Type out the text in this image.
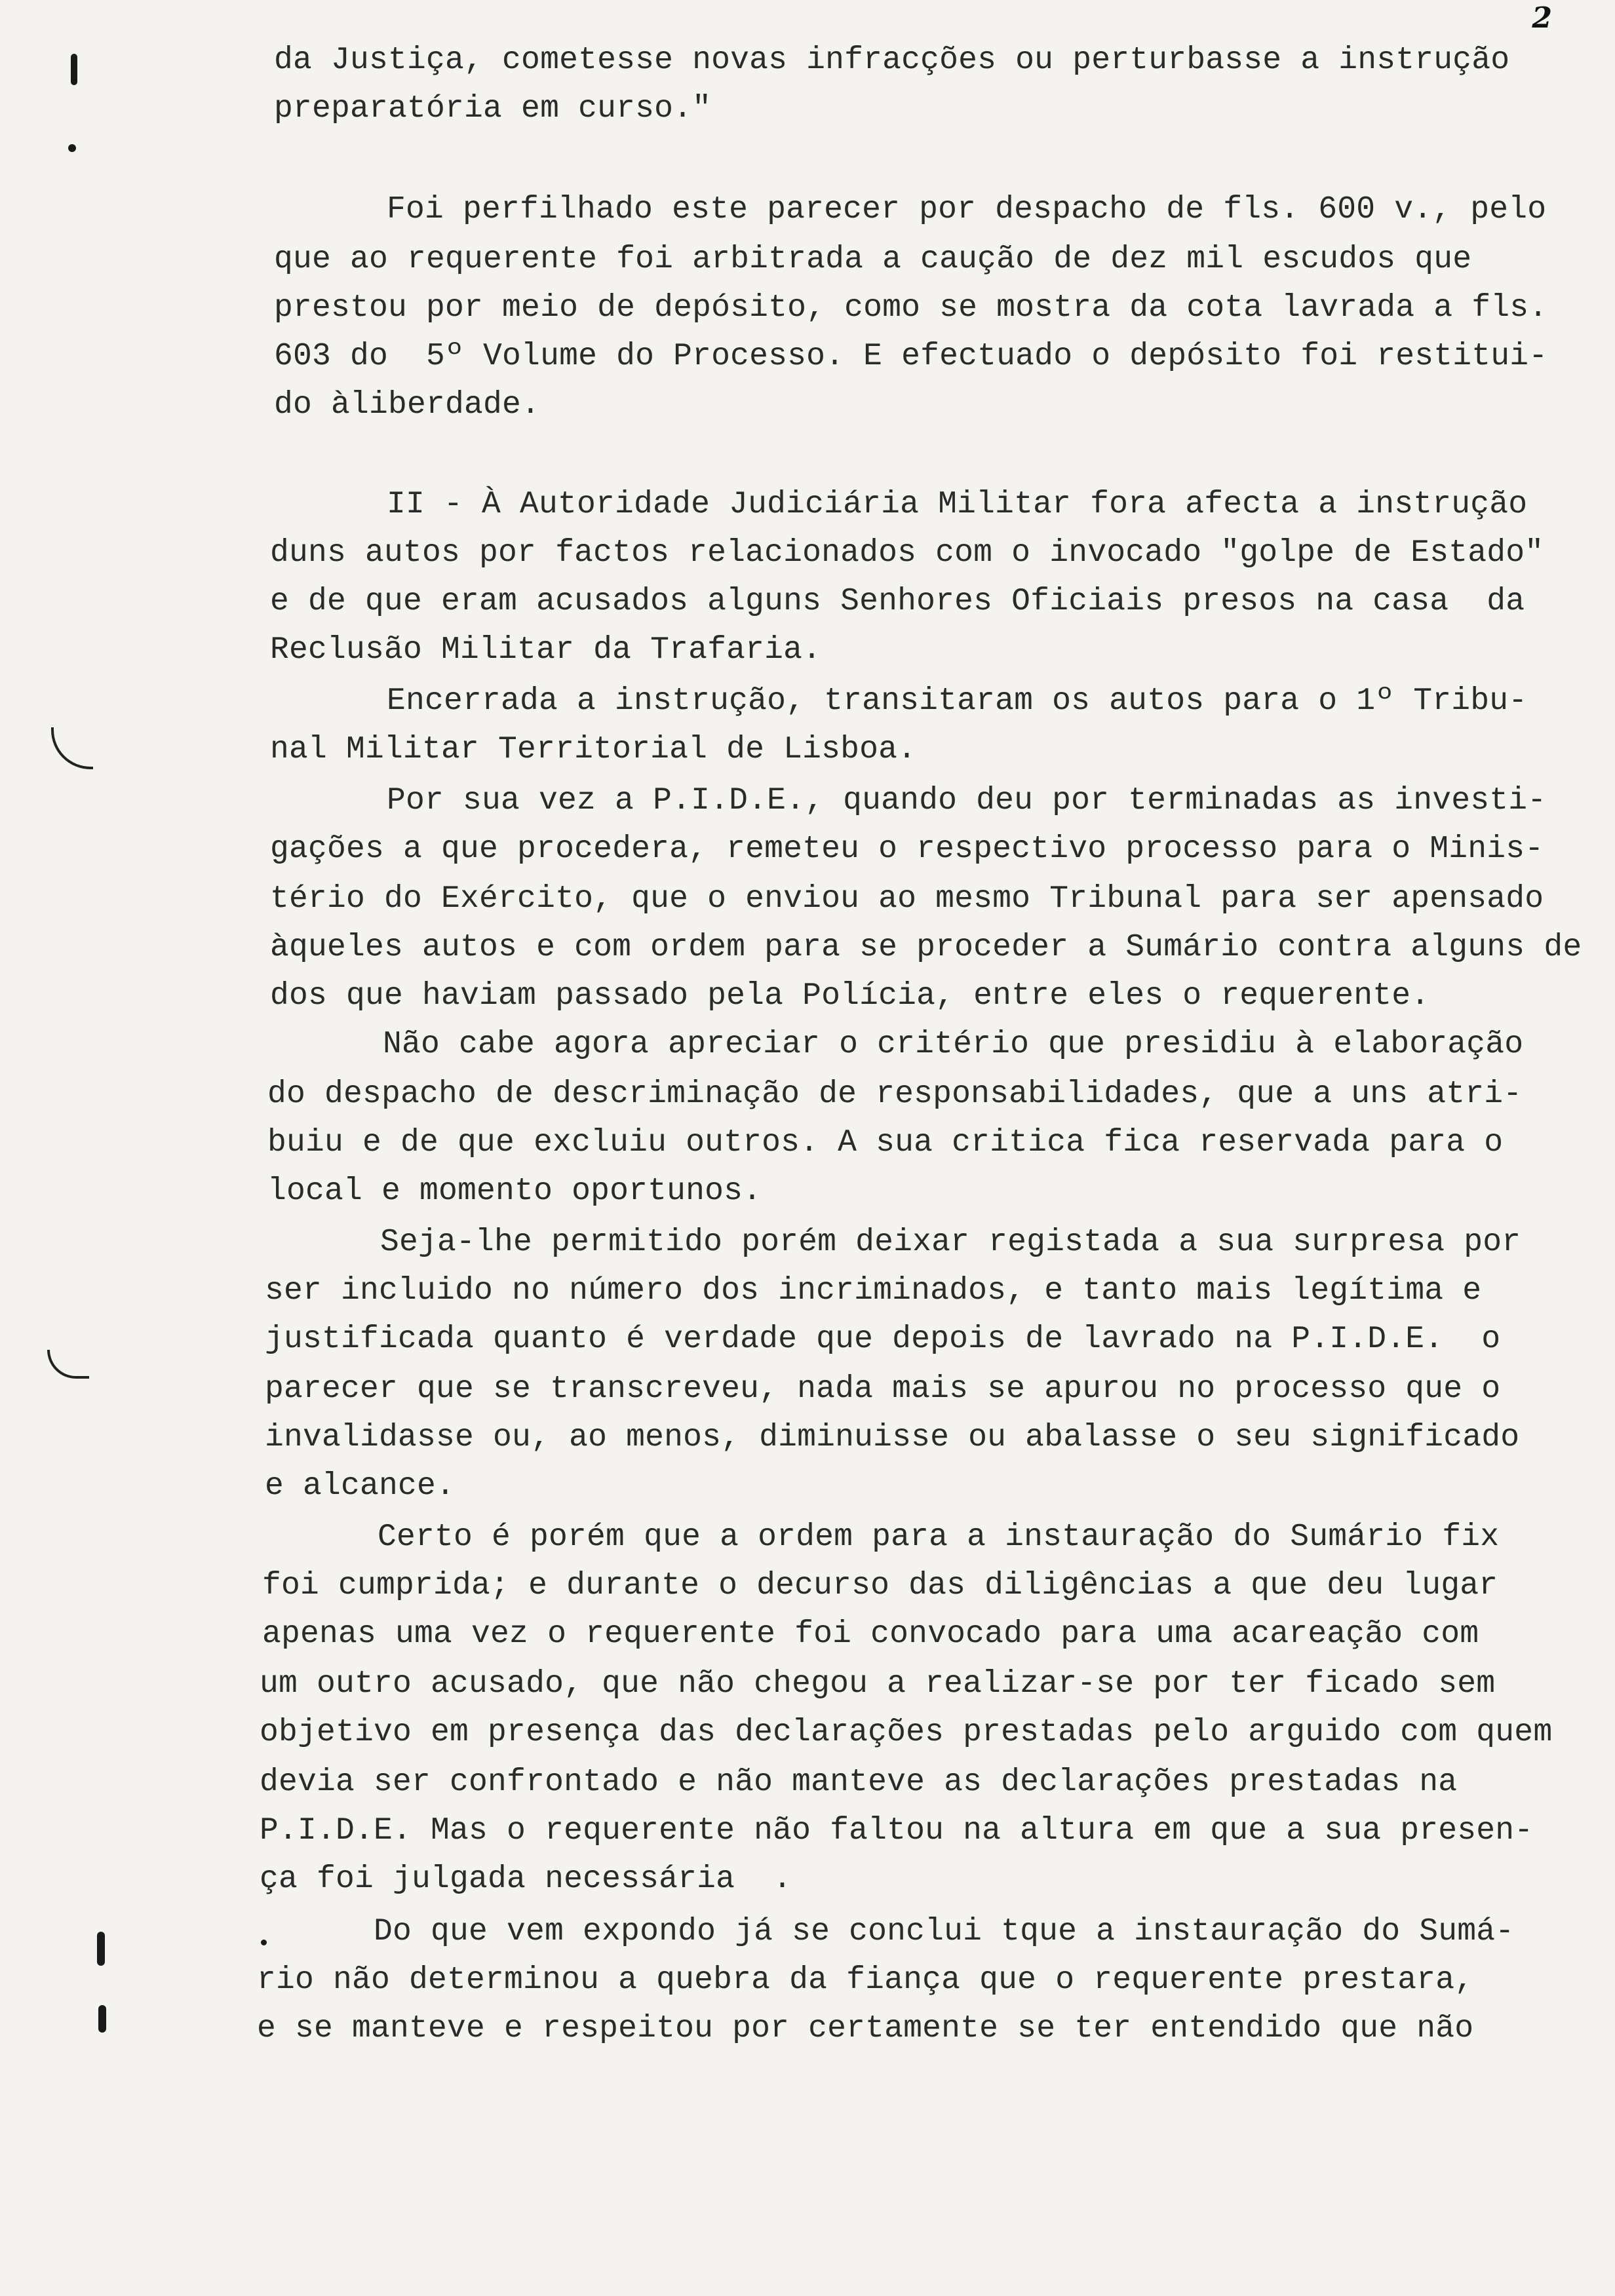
2
da Justiça, cometesse novas infracções ou perturbasse a instrução
preparatória em curso."
Foi perfilhado este parecer por despacho de fls. 600 v., pelo
que ao requerente foi arbitrada a caução de dez mil escudos que
prestou por meio de depósito, como se mostra da cota lavrada a fls.
603 do  5º Volume do Processo. E efectuado o depósito foi restitui-
do àliberdade.
II - À Autoridade Judiciária Militar fora afecta a instrução
duns autos por factos relacionados com o invocado "golpe de Estado"
e de que eram acusados alguns Senhores Oficiais presos na casa  da
Reclusão Militar da Trafaria.
Encerrada a instrução, transitaram os autos para o 1º Tribu-
nal Militar Territorial de Lisboa.
Por sua vez a P.I.D.E., quando deu por terminadas as investi-
gações a que procedera, remeteu o respectivo processo para o Minis-
tério do Exército, que o enviou ao mesmo Tribunal para ser apensado
àqueles autos e com ordem para se proceder a Sumário contra alguns de
dos que haviam passado pela Polícia, entre eles o requerente.
Não cabe agora apreciar o critério que presidiu à elaboração
do despacho de descriminação de responsabilidades, que a uns atri-
buiu e de que excluiu outros. A sua critica fica reservada para o
local e momento oportunos.
Seja-lhe permitido porém deixar registada a sua surpresa por
ser incluido no número dos incriminados, e tanto mais legítima e
justificada quanto é verdade que depois de lavrado na P.I.D.E.  o
parecer que se transcreveu, nada mais se apurou no processo que o
invalidasse ou, ao menos, diminuisse ou abalasse o seu significado
e alcance.
Certo é porém que a ordem para a instauração do Sumário fix
foi cumprida; e durante o decurso das diligências a que deu lugar
apenas uma vez o requerente foi convocado para uma acareação com
um outro acusado, que não chegou a realizar-se por ter ficado sem
objetivo em presença das declarações prestadas pelo arguido com quem
devia ser confrontado e não manteve as declarações prestadas na
P.I.D.E. Mas o requerente não faltou na altura em que a sua presen-
ça foi julgada necessária  .
Do que vem expondo já se conclui tque a instauração do Sumá-
rio não determinou a quebra da fiança que o requerente prestara,
e se manteve e respeitou por certamente se ter entendido que não
